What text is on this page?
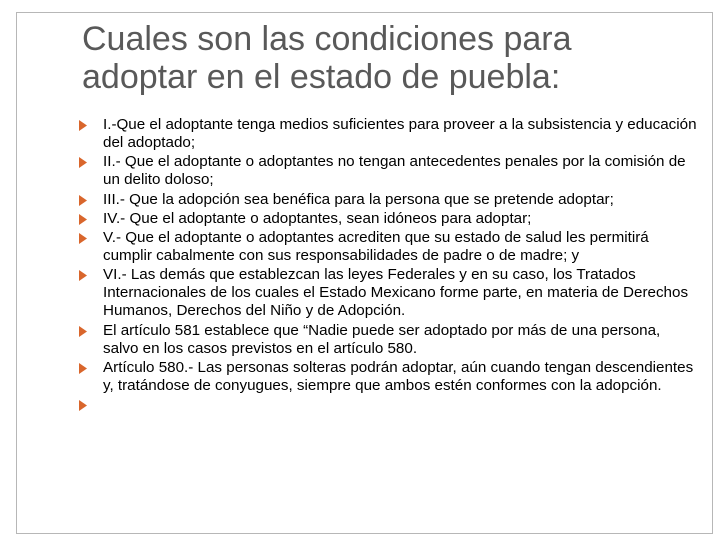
Cuales son las condiciones para
adoptar en el estado de puebla:
I.-Que el adoptante tenga medios suficientes para proveer a la subsistencia y educación del adoptado;
II.- Que el adoptante o adoptantes no tengan antecedentes penales por la comisión de un delito doloso;
III.- Que la adopción sea benéfica para la persona que se pretende adoptar;
IV.- Que el adoptante o adoptantes, sean idóneos para adoptar;
V.- Que el adoptante o adoptantes acrediten que su estado de salud les permitirá cumplir cabalmente con sus responsabilidades de padre o de madre; y
VI.- Las demás que establezcan las leyes Federales y en su caso, los Tratados Internacionales de los cuales el Estado Mexicano forme parte, en materia de Derechos Humanos, Derechos del Niño y de Adopción.
El artículo 581 establece que “Nadie puede ser adoptado por más de una persona, salvo en los casos previstos en el artículo 580.
Artículo 580.- Las personas solteras podrán adoptar, aún cuando tengan descendientes y, tratándose de conyugues, siempre que ambos estén conformes con la adopción.
